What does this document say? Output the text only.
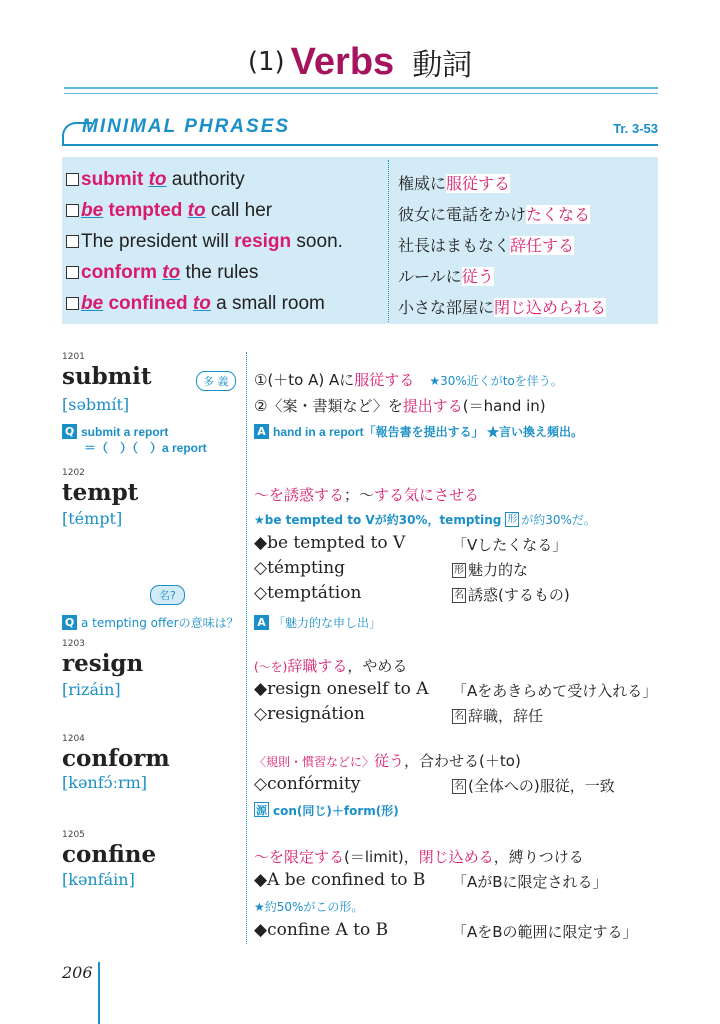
(1) Verbs 動詞
MINIMAL PHRASES	Tr. 3-53
submit to authority	権威に服従する
be tempted to call her	彼女に電話をかけたくなる
The president will resign soon.	社長はまもなく辞任する
conform to the rules	ルールに従う
be confined to a small room	小さな部屋に閉じ込められる
1201
submit	多 義
[səbmít]
①(＋to A) Aに服従する　 ★30%近くがtoを伴う。
②〈案・書類など〉を提出する(＝hand in)
Q submit a report
＝（　）（　）a report
A hand in a report「報告書を提出する」 ★言い換え頻出。
1202
tempt
[témpt]
～を誘惑する；～する気にさせる
★be tempted to Vが約30%，tempting 形 が約30%だ。
◆be tempted to V	「Vしたくなる」
◇témpting	形 魅力的な
名?	◇temptátion	名 誘惑(するもの)
Q a tempting offerの意味は？ A 「魅力的な申し出」
1203
resign
[rizáin]
(～を)辞職する，やめる
◆resign oneself to A 「Aをあきらめて受け入れる」
◇resignátion	名 辞職，辞任
1204
conform
[kənfɔ́ːrm]
〈規則・慣習などに〉従う，合わせる(＋to)
◇confórmity	名 (全体への)服従，一致
源 con(同じ)＋form(形)
1205
confine
[kənfáin]
～を限定する(＝limit)，閉じ込める，縛りつける
◆A be confined to B 「AがBに限定される」
★約50%がこの形。
◆confine A to B	「AをBの範囲に限定する」
206
